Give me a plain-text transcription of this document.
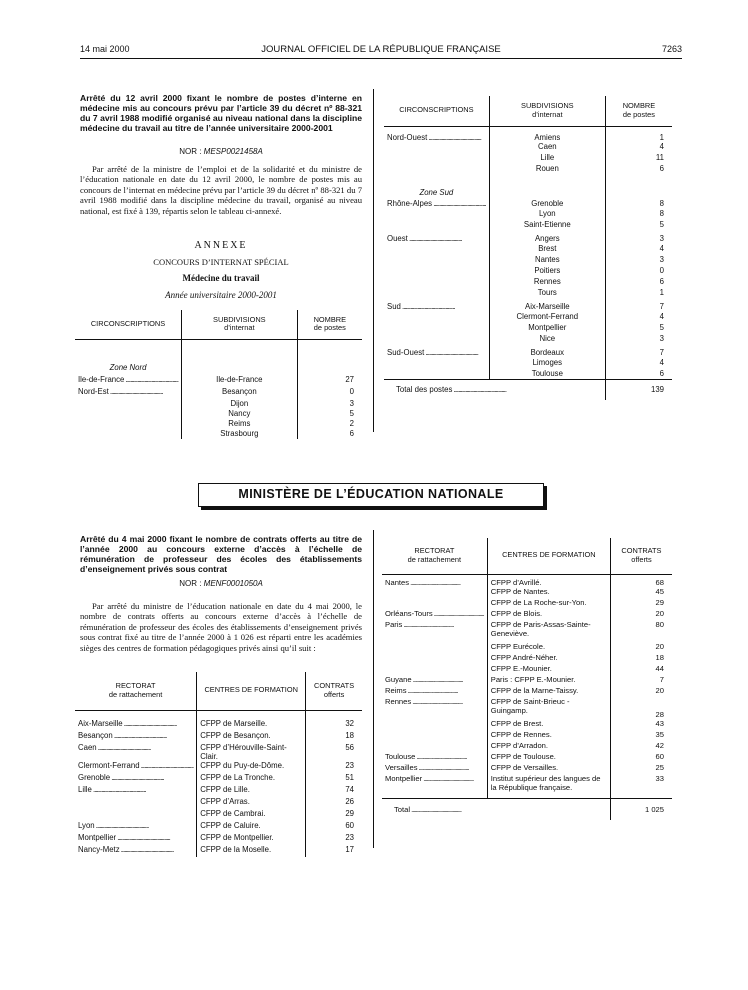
14 mai 2000	JOURNAL OFFICIEL DE LA RÉPUBLIQUE FRANÇAISE	7263
Arrêté du 12 avril 2000 fixant le nombre de postes d’interne en médecine mis au concours prévu par l’article 39 du décret nº 88-321 du 7 avril 1988 modifié organisé au niveau national dans la discipline médecine du travail au titre de l’année universitaire 2000-2001
NOR : MESP0021458A
Par arrêté de la ministre de l’emploi et de la solidarité et du ministre de l’éducation nationale en date du 12 avril 2000, le nombre de postes mis au concours de l’internat en médecine prévu par l’article 39 du décret nº 88-321 du 7 avril 1988 modifié dans la discipline médecine du travail, organisé au niveau national, est fixé à 139, répartis selon le tableau ci-annexé.
ANNEXE
CONCOURS D’INTERNAT SPÉCIAL
Médecine du travail
Année universitaire 2000-2001
CIRCONSCRIPTIONS	SUBDIVISIONS
d’internat	NOMBRE
de postes

Zone Nord		
Ile-de-France .....	Ile-de-France	27
Nord-Est .....	Besançon	0
	Dijon	3
	Nancy	5
	Reims	2
	Strasbourg	6
CIRCONSCRIPTIONS	SUBDIVISIONS
d’internat	NOMBRE
de postes
Nord-Ouest .....	Amiens	1
	Caen	4
	Lille	11
	Rouen	6
Zone Sud		
Rhône-Alpes .....	Grenoble	8
	Lyon	8
	Saint-Etienne	5
Ouest .....	Angers	3
	Brest	4
	Nantes	3
	Poitiers	0
	Rennes	6
	Tours	1
Sud .....	Aix-Marseille	7
	Clermont-Ferrand	4
	Montpellier	5
	Nice	3
Sud-Ouest .....	Bordeaux	7
	Limoges	4
	Toulouse	6
Total des postes .....		139
MINISTÈRE DE L’ÉDUCATION NATIONALE
Arrêté du 4 mai 2000 fixant le nombre de contrats offerts au titre de l’année 2000 au concours externe d’accès à l’échelle de rémunération de professeur des écoles des établissements d’enseignement privés sous contrat
NOR : MENF0001050A
Par arrêté du ministre de l’éducation nationale en date du 4 mai 2000, le nombre de contrats offerts au concours externe d’accès à l’échelle de rémunération de professeur des écoles des établissements d’enseignement privés sous contrat fixé au titre de l’année 2000 à 1 026 est réparti entre les académies sièges des centres de formation pédagogiques privés ainsi qu’il suit :
RECTORAT
de rattachement	CENTRES DE FORMATION	CONTRATS
offerts

Aix-Marseille .....	CFPP de Marseille.	32
Besançon .....	CFPP de Besançon.	18
Caen .....	CFPP d’Hérouville-Saint-Clair.	56
Clermont-Ferrand .....	CFPP du Puy-de-Dôme.	23
Grenoble .....	CFPP de La Tronche.	51
Lille .....	CFPP de Lille.	74
	CFPP d’Arras.	26
	CFPP de Cambrai.	29
Lyon .....	CFPP de Caluire.	60
Montpellier .....	CFPP de Montpellier.	23
Nancy-Metz .....	CFPP de la Moselle.	17
RECTORAT
de rattachement	CENTRES DE FORMATION	CONTRATS
offerts
Nantes .....	CFPP d’Avrillé.	68
	CFPP de Nantes.	45
	CFPP de La Roche-sur-Yon.	29
Orléans-Tours .....	CFPP de Blois.	20
Paris .....	CFPP de Paris-Assas-Sainte-Geneviève.	80
	CFPP Eurécole.	20
	CFPP André-Néher.	18
	CFPP E.-Mounier.	44
Guyane .....	Paris : CFPP E.-Mounier.	7
Reims .....	CFPP de la Marne-Taissy.	20
Rennes .....	CFPP de Saint-Brieuc - Guingamp.	28
	CFPP de Brest.	43
	CFPP de Rennes.	35
	CFPP d’Arradon.	42
Toulouse .....	CFPP de Toulouse.	60
Versailles .....	CFPP de Versailles.	25
Montpellier .....	Institut supérieur des langues de la République française.	33
Total .....		1 025
